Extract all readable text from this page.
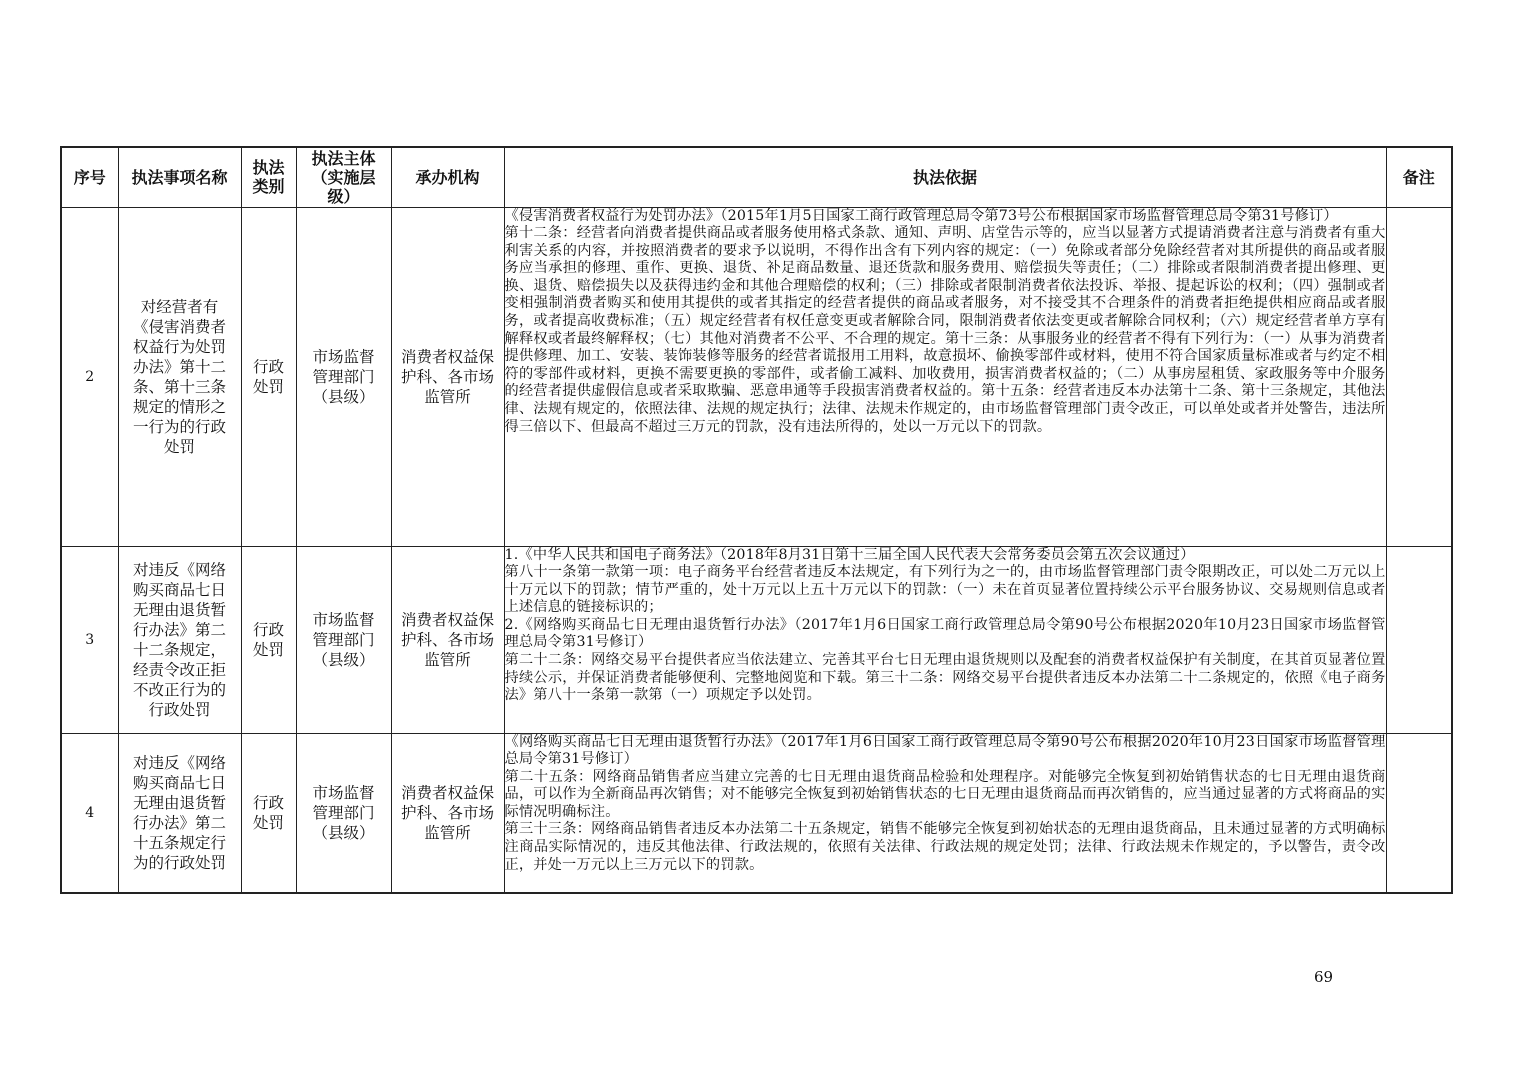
序号	执法事项名称	执法类别	执法主体（实施层级）	承办机构	执法依据	备注
2	对经营者有《侵害消费者权益行为处罚办法》第十二条、第十三条规定的情形之一行为的行政处罚	行政处罚	市场监督管理部门（县级）	消费者权益保护科、各市场监管所	《侵害消费者权益行为处罚办法》（2015年1月5日国家工商行政管理总局令第73号公布根据国家市场监督管理总局令第31号修订）

第十二条：经营者向消费者提供商品或者服务使用格式条款、通知、声明、店堂告示等的，应当以显著方式提请消费者注意与消费者有重大利害关系的内容，并按照消费者的要求予以说明，不得作出含有下列内容的规定：（一）免除或者部分免除经营者对其所提供的商品或者服务应当承担的修理、重作、更换、退货、补足商品数量、退还货款和服务费用、赔偿损失等责任；（二）排除或者限制消费者提出修理、更换、退货、赔偿损失以及获得违约金和其他合理赔偿的权利；（三）排除或者限制消费者依法投诉、举报、提起诉讼的权利；（四）强制或者变相强制消费者购买和使用其提供的或者其指定的经营者提供的商品或者服务，对不接受其不合理条件的消费者拒绝提供相应商品或者服务，或者提高收费标准；（五）规定经营者有权任意变更或者解除合同，限制消费者依法变更或者解除合同权利；（六）规定经营者单方享有解释权或者最终解释权；（七）其他对消费者不公平、不合理的规定。第十三条：从事服务业的经营者不得有下列行为：（一）从事为消费者提供修理、加工、安装、装饰装修等服务的经营者谎报用工用料，故意损坏、偷换零部件或材料，使用不符合国家质量标准或者与约定不相符的零部件或材料，更换不需要更换的零部件，或者偷工减料、加收费用，损害消费者权益的；（二）从事房屋租赁、家政服务等中介服务的经营者提供虚假信息或者采取欺骗、恶意串通等手段损害消费者权益的。第十五条：经营者违反本办法第十二条、第十三条规定，其他法律、法规有规定的，依照法律、法规的规定执行；法律、法规未作规定的，由市场监督管理部门责令改正，可以单处或者并处警告，违法所得三倍以下、但最高不超过三万元的罚款，没有违法所得的，处以一万元以下的罚款。	

3	对违反《网络购买商品七日无理由退货暂行办法》第二十二条规定，经责令改正拒不改正行为的行政处罚	行政处罚	市场监督管理部门（县级）	消费者权益保护科、各市场监管所	1.《中华人民共和国电子商务法》（2018年8月31日第十三届全国人民代表大会常务委员会第五次会议通过）

第八十一条第一款第一项：电子商务平台经营者违反本法规定，有下列行为之一的，由市场监督管理部门责令限期改正，可以处二万元以上十万元以下的罚款；情节严重的，处十万元以上五十万元以下的罚款：（一）未在首页显著位置持续公示平台服务协议、交易规则信息或者上述信息的链接标识的；

2.《网络购买商品七日无理由退货暂行办法》（2017年1月6日国家工商行政管理总局令第90号公布根据2020年10月23日国家市场监督管理总局令第31号修订）

第二十二条：网络交易平台提供者应当依法建立、完善其平台七日无理由退货规则以及配套的消费者权益保护有关制度，在其首页显著位置持续公示，并保证消费者能够便利、完整地阅览和下载。第三十二条：网络交易平台提供者违反本办法第二十二条规定的，依照《电子商务法》第八十一条第一款第（一）项规定予以处罚。	

4	对违反《网络购买商品七日无理由退货暂行办法》第二十五条规定行为的行政处罚	行政处罚	市场监督管理部门（县级）	消费者权益保护科、各市场监管所	《网络购买商品七日无理由退货暂行办法》（2017年1月6日国家工商行政管理总局令第90号公布根据2020年10月23日国家市场监督管理总局令第31号修订）

第二十五条：网络商品销售者应当建立完善的七日无理由退货商品检验和处理程序。对能够完全恢复到初始销售状态的七日无理由退货商品，可以作为全新商品再次销售；对不能够完全恢复到初始销售状态的七日无理由退货商品而再次销售的，应当通过显著的方式将商品的实际情况明确标注。

第三十三条：网络商品销售者违反本办法第二十五条规定，销售不能够完全恢复到初始状态的无理由退货商品，且未通过显著的方式明确标注商品实际情况的，违反其他法律、行政法规的，依照有关法律、行政法规的规定处罚；法律、行政法规未作规定的，予以警告，责令改正，并处一万元以上三万元以下的罚款。	

69
